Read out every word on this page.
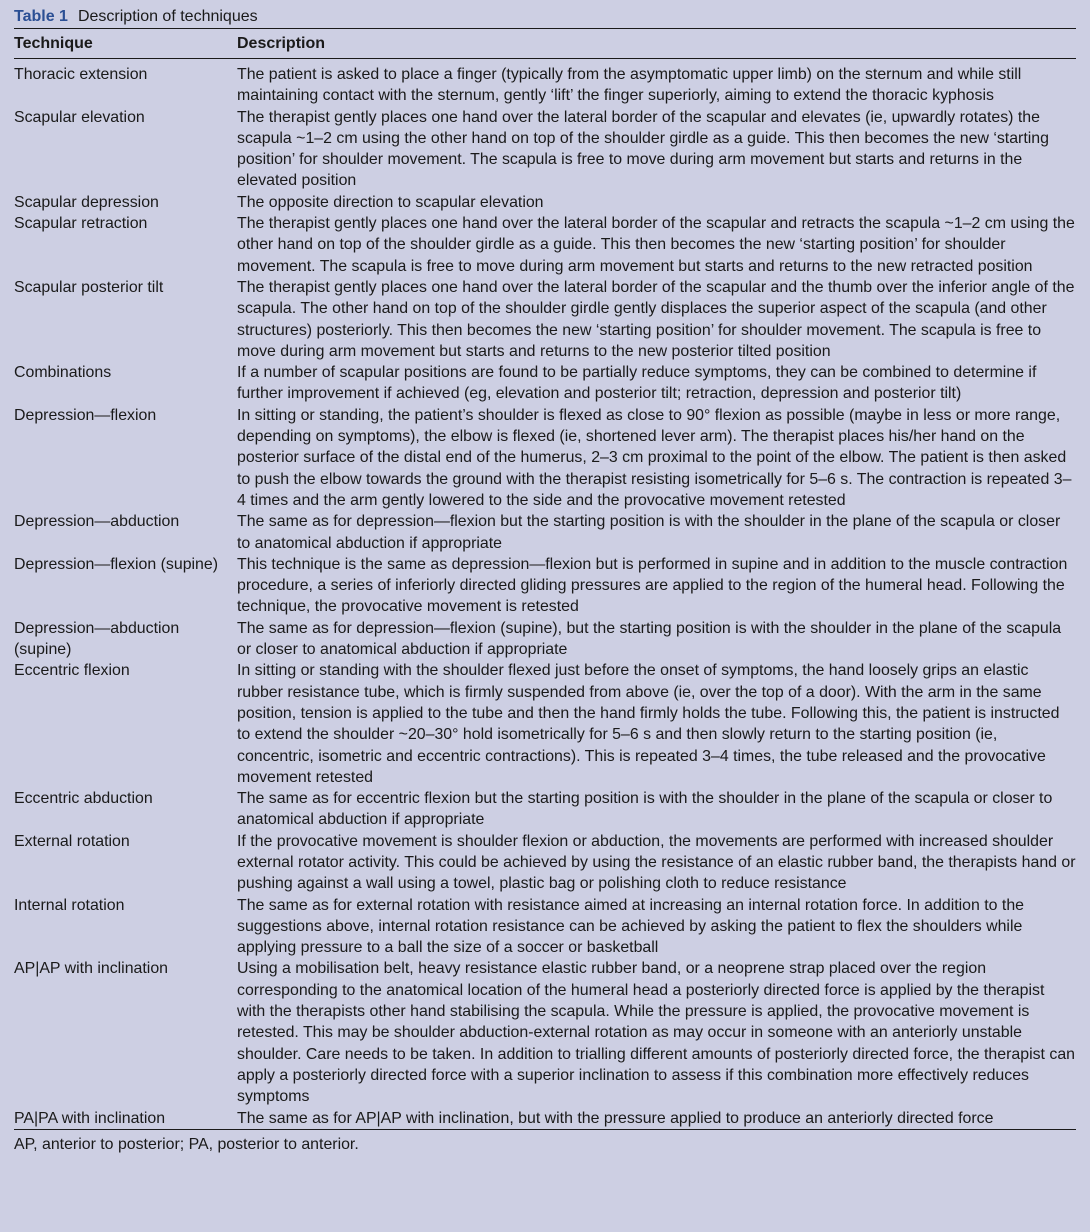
Table 1 Description of techniques
Technique	Description
Thoracic extension	The patient is asked to place a finger (typically from the asymptomatic upper limb) on the sternum and while still maintaining contact with the sternum, gently ‘lift’ the finger superiorly, aiming to extend the thoracic kyphosis
Scapular elevation	The therapist gently places one hand over the lateral border of the scapular and elevates (ie, upwardly rotates) the scapula ~1–2 cm using the other hand on top of the shoulder girdle as a guide. This then becomes the new ‘starting position’ for shoulder movement. The scapula is free to move during arm movement but starts and returns in the elevated position
Scapular depression	The opposite direction to scapular elevation
Scapular retraction	The therapist gently places one hand over the lateral border of the scapular and retracts the scapula ~1–2 cm using the other hand on top of the shoulder girdle as a guide. This then becomes the new ‘starting position’ for shoulder movement. The scapula is free to move during arm movement but starts and returns to the new retracted position
Scapular posterior tilt	The therapist gently places one hand over the lateral border of the scapular and the thumb over the inferior angle of the scapula. The other hand on top of the shoulder girdle gently displaces the superior aspect of the scapula (and other structures) posteriorly. This then becomes the new ‘starting position’ for shoulder movement. The scapula is free to move during arm movement but starts and returns to the new posterior tilted position
Combinations	If a number of scapular positions are found to be partially reduce symptoms, they can be combined to determine if further improvement if achieved (eg, elevation and posterior tilt; retraction, depression and posterior tilt)
Depression—flexion	In sitting or standing, the patient’s shoulder is flexed as close to 90° flexion as possible (maybe in less or more range, depending on symptoms), the elbow is flexed (ie, shortened lever arm). The therapist places his/her hand on the posterior surface of the distal end of the humerus, 2–3 cm proximal to the point of the elbow. The patient is then asked to push the elbow towards the ground with the therapist resisting isometrically for 5–6 s. The contraction is repeated 3–4 times and the arm gently lowered to the side and the provocative movement retested
Depression—abduction	The same as for depression—flexion but the starting position is with the shoulder in the plane of the scapula or closer to anatomical abduction if appropriate
Depression—flexion (supine)	This technique is the same as depression—flexion but is performed in supine and in addition to the muscle contraction procedure, a series of inferiorly directed gliding pressures are applied to the region of the humeral head. Following the technique, the provocative movement is retested
Depression—abduction (supine)	The same as for depression—flexion (supine), but the starting position is with the shoulder in the plane of the scapula or closer to anatomical abduction if appropriate
Eccentric flexion	In sitting or standing with the shoulder flexed just before the onset of symptoms, the hand loosely grips an elastic rubber resistance tube, which is firmly suspended from above (ie, over the top of a door). With the arm in the same position, tension is applied to the tube and then the hand firmly holds the tube. Following this, the patient is instructed to extend the shoulder ~20–30° hold isometrically for 5–6 s and then slowly return to the starting position (ie, concentric, isometric and eccentric contractions). This is repeated 3–4 times, the tube released and the provocative movement retested
Eccentric abduction	The same as for eccentric flexion but the starting position is with the shoulder in the plane of the scapula or closer to anatomical abduction if appropriate
External rotation	If the provocative movement is shoulder flexion or abduction, the movements are performed with increased shoulder external rotator activity. This could be achieved by using the resistance of an elastic rubber band, the therapists hand or pushing against a wall using a towel, plastic bag or polishing cloth to reduce resistance
Internal rotation	The same as for external rotation with resistance aimed at increasing an internal rotation force. In addition to the suggestions above, internal rotation resistance can be achieved by asking the patient to flex the shoulders while applying pressure to a ball the size of a soccer or basketball
AP|AP with inclination	Using a mobilisation belt, heavy resistance elastic rubber band, or a neoprene strap placed over the region corresponding to the anatomical location of the humeral head a posteriorly directed force is applied by the therapist with the therapists other hand stabilising the scapula. While the pressure is applied, the provocative movement is retested. This may be shoulder abduction-external rotation as may occur in someone with an anteriorly unstable shoulder. Care needs to be taken. In addition to trialling different amounts of posteriorly directed force, the therapist can apply a posteriorly directed force with a superior inclination to assess if this combination more effectively reduces symptoms
PA|PA with inclination	The same as for AP|AP with inclination, but with the pressure applied to produce an anteriorly directed force
AP, anterior to posterior; PA, posterior to anterior.
